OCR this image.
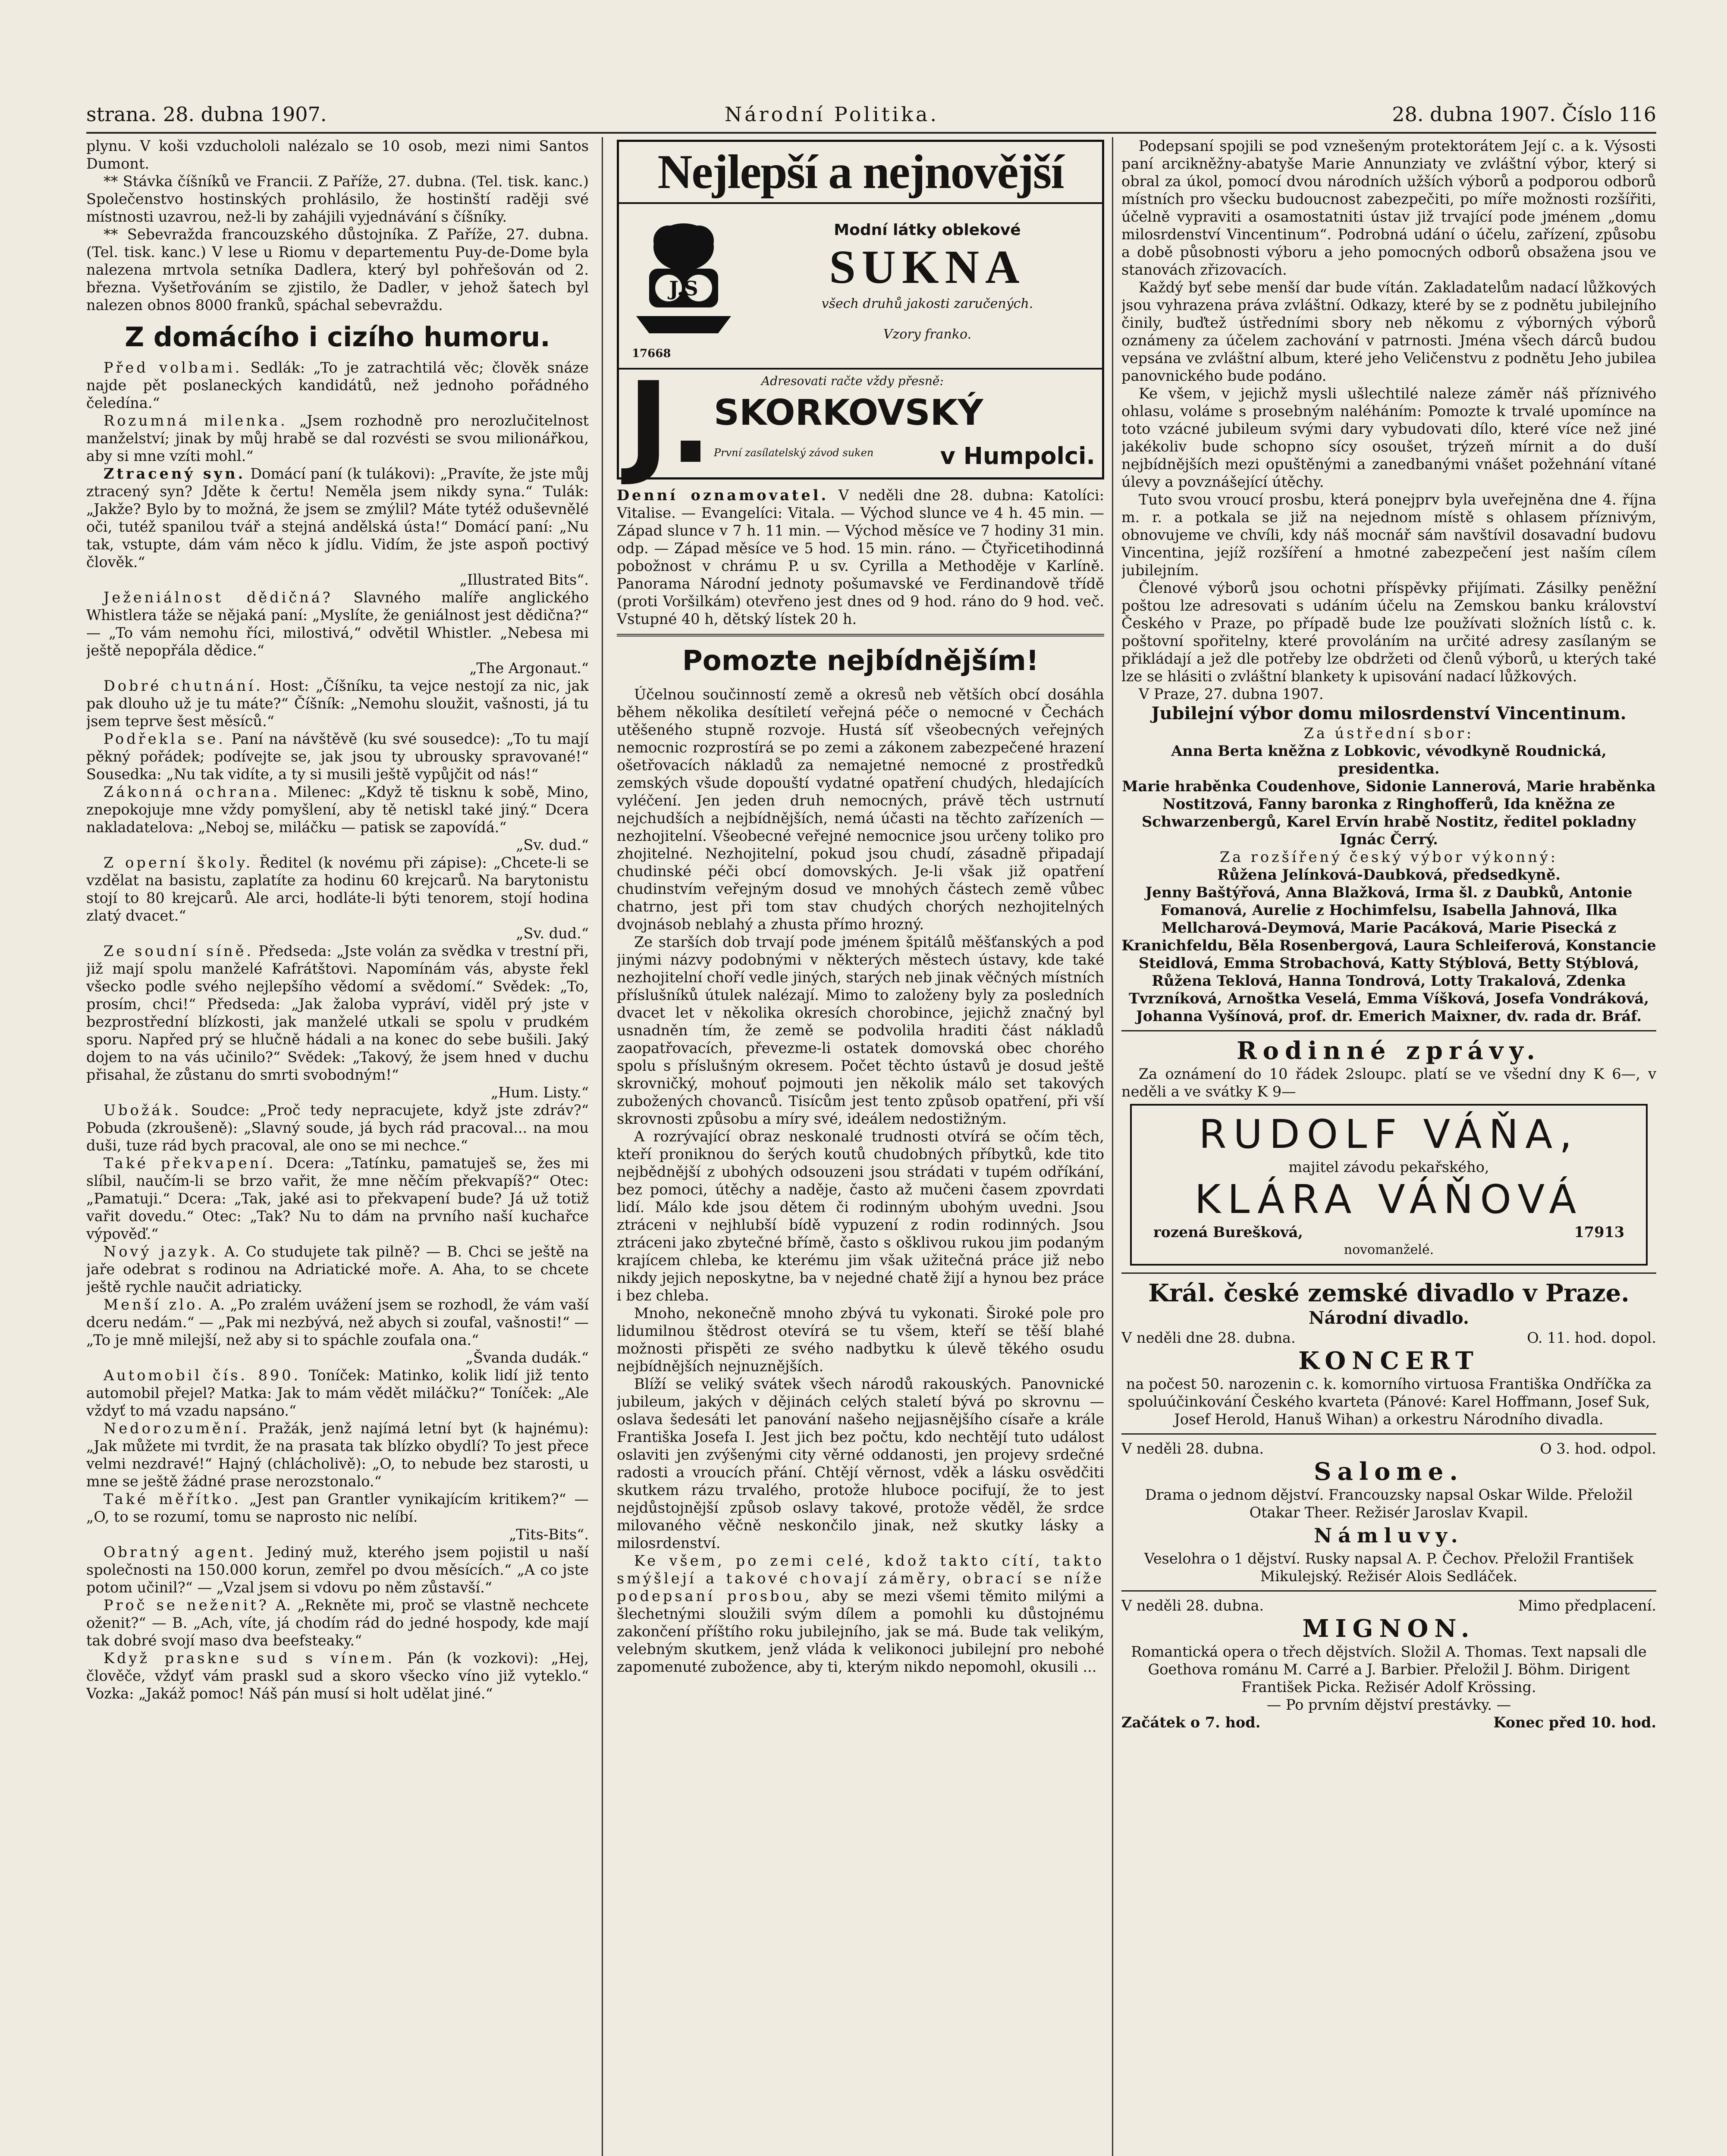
strana. 28. dubna 1907.	Národní Politika.	28. dubna 1907. Číslo 116

plynu. V koši vzduchololi nalézalo se 10 osob, mezi nimi Santos Dumont.

** Stávka číšníků ve Francii. Z Paříže, 27. dubna. (Tel. tisk. kanc.) Společenstvo hostinských prohlásilo, že hostinští raději své místnosti uzavrou, než-li by zahájili vyjednávání s číšníky.

** Sebevražda francouzského důstojníka. Z Paříže, 27. dubna. (Tel. tisk. kanc.) V lese u Riomu v departementu Puy-de-Dome byla nalezena mrtvola setníka Dadlera, který byl pohřešován od 2. března. Vyšetřováním se zjistilo, že Dadler, v jehož šatech byl nalezen obnos 8000 franků, spáchal sebevraždu.

Z domácího i cizího humoru.

Před volbami. Sedlák: „To je zatrachtilá věc; člověk snáze najde pět poslaneckých kandidátů, než jednoho pořádného čeledína.“

Rozumná milenka. „Jsem rozhodně pro nerozlučitelnost manželství; jinak by můj hrabě se dal rozvésti se svou milionářkou, aby si mne vzíti mohl.“

Ztracený syn. Domácí paní (k tulákovi): „Pravíte, že jste můj ztracený syn? Jděte k čertu! Neměla jsem nikdy syna.“ Tulák: „Jakže? Bylo by to možná, že jsem se zmýlil? Máte tytéž oduševnělé oči, tutéž spanilou tvář a stejná andělská ústa!“ Domácí paní: „Nu tak, vstupte, dám vám něco k jídlu. Vidím, že jste aspoň poctivý člověk.“

„Illustrated Bits“.

Ježeniálnost dědičná? Slavného malíře anglického Whistlera táže se nějaká paní: „Myslíte, že geniálnost jest dědična?“ — „To vám nemohu říci, milostivá,“ odvětil Whistler. „Nebesa mi ještě nepopřála dědice.“

„The Argonaut.“

Dobré chutnání. Host: „Číšníku, ta vejce nestojí za nic, jak pak dlouho už je tu máte?“ Číšník: „Nemohu sloužit, vašnosti, já tu jsem teprve šest měsíců.“

Podřekla se. Paní na návštěvě (ku své sousedce): „To tu mají pěkný pořádek; podívejte se, jak jsou ty ubrousky spravované!“ Sousedka: „Nu tak vidíte, a ty si musili ještě vypůjčit od nás!“

Zákonná ochrana. Milenec: „Když tě tisknu k sobě, Mino, znepokojuje mne vždy pomyšlení, aby tě netiskl také jiný.“ Dcera nakladatelova: „Neboj se, miláčku — patisk se zapovídá.“

„Sv. dud.“

Z operní školy. Ředitel (k novému při zápise): „Chcete-li se vzdělat na basistu, zaplatíte za hodinu 60 krejcarů. Na barytonistu stojí to 80 krejcarů. Ale arci, hodláte-li býti tenorem, stojí hodina zlatý dvacet.“

„Sv. dud.“

Ze soudní síně. Předseda: „Jste volán za svědka v trestní při, již mají spolu manželé Kafrátštovi. Napomínám vás, abyste řekl všecko podle svého nejlepšího vědomí a svědomí.“ Svědek: „To, prosím, chci!“ Předseda: „Jak žaloba vypráví, viděl prý jste v bezprostřední blízkosti, jak manželé utkali se spolu v prudkém sporu. Napřed prý se hlučně hádali a na konec do sebe bušili. Jaký dojem to na vás učinilo?“ Svědek: „Takový, že jsem hned v duchu přisahal, že zůstanu do smrti svobodným!“

„Hum. Listy.“

Ubožák. Soudce: „Proč tedy nepracujete, když jste zdráv?“ Pobuda (zkroušeně): „Slavný soude, já bych rád pracoval... na mou duši, tuze rád bych pracoval, ale ono se mi nechce.“

Také překvapení. Dcera: „Tatínku, pamatuješ se, žes mi slíbil, naučím-li se brzo vařit, že mne něčím překvapíš?“ Otec: „Pamatuji.“ Dcera: „Tak, jaké asi to překvapení bude? Já už totiž vařit dovedu.“ Otec: „Tak? Nu to dám na prvního naší kuchařce výpověď.“

Nový jazyk. A. Co studujete tak pilně? — B. Chci se ještě na jaře odebrat s rodinou na Adriatické moře. A. Aha, to se chcete ještě rychle naučit adriaticky.

Menší zlo. A. „Po zralém uvážení jsem se rozhodl, že vám vaší dceru nedám.“ — „Pak mi nezbývá, než abych si zoufal, vašnosti!“ — „To je mně milejší, než aby si to spáchle zoufala ona.“

„Švanda dudák.“

Automobil čís. 890. Toníček: Matinko, kolik lidí již tento automobil přejel? Matka: Jak to mám vědět miláčku?“ Toníček: „Ale vždyť to má vzadu napsáno.“

Nedorozumění. Pražák, jenž najímá letní byt (k hajnému): „Jak můžete mi tvrdit, že na prasata tak blízko obydlí? To jest přece velmi nezdravé!“ Hajný (chlácholivě): „O, to nebude bez starosti, u mne se ještě žádné prase nerozstonalo.“

Také měřítko. „Jest pan Grantler vynikajícím kritikem?“ — „O, to se rozumí, tomu se naprosto nic nelíbí.

„Tits-Bits“.

Obratný agent. Jediný muž, kterého jsem pojistil u naší společnosti na 150.000 korun, zemřel po dvou měsících.“ „A co jste potom učinil?“ — „Vzal jsem si vdovu po něm zůstavší.“

Proč se neženit? A. „Rekněte mi, proč se vlastně nechcete oženit?“ — B. „Ach, víte, já chodím rád do jedné hospody, kde mají tak dobré svojí maso dva beefsteaky.“

Když praskne sud s vínem. Pán (k vozkovi): „Hej, člověče, vždyť vám praskl sud a skoro všecko víno již vyteklo.“ Vozka: „Jakáž pomoc! Náš pán musí si holt udělat jiné.“

Nejlepší a nejnovější
J.S
Modní látky oblekové
SUKNA
všech druhů jakosti zaručených.
Vzory franko.
17668
J.	Adresovati račte vždy přesně:
SKORKOVSKÝ
První zasílatelský závod suken	v Humpolci.

Denní oznamovatel. V neděli dne 28. dubna: Katolíci: Vitalise. — Evangelíci: Vitala. — Východ slunce ve 4 h. 45 min. — Západ slunce v 7 h. 11 min. — Východ měsíce ve 7 hodiny 31 min. odp. — Západ měsíce ve 5 hod. 15 min. ráno. — Čtyřicetihodinná pobožnost v chrámu P. u sv. Cyrilla a Methoděje v Karlíně. Panorama Národní jednoty pošumavské ve Ferdinandově třídě (proti Voršilkám) otevřeno jest dnes od 9 hod. ráno do 9 hod. več. Vstupné 40 h, dětský lístek 20 h.

Pomozte nejbídnějším!

Účelnou součinností země a okresů neb větších obcí dosáhla během několika desítiletí veřejná péče o nemocné v Čechách utěšeného stupně rozvoje. Hustá síť všeobecných veřejných nemocnic rozprostírá se po zemi a zákonem zabezpečené hrazení ošetřovacích nákladů za nemajetné nemocné z prostředků zemských všude dopouští vydatné opatření chudých, hledajících vyléčení. Jen jeden druh nemocných, právě těch ustrnutí nejchudších a nejbídnějších, nemá účasti na těchto zařízeních — nezhojitelní. Všeobecné veřejné nemocnice jsou určeny toliko pro zhojitelné. Nezhojitelní, pokud jsou chudí, zásadně připadají chudinské péči obcí domovských. Je-li však již opatření chudinstvím veřejným dosud ve mnohých částech země vůbec chatrno, jest při tom stav chudých chorých nezhojitelných dvojnásob neblahý a zhusta přímo hrozný.

Ze starších dob trvají pode jménem špitálů měšťanských a pod jinými názvy podobnými v některých městech ústavy, kde také nezhojitelní choří vedle jiných, starých neb jinak věčných místních příslušníků útulek nalézají. Mimo to založeny byly za posledních dvacet let v několika okresích chorobince, jejichž značný byl usnadněn tím, že země se podvolila hraditi část nákladů zaopatřovacích, převezme-li ostatek domovská obec chorého spolu s příslušným okresem. Počet těchto ústavů je dosud ještě skrovničký, mohouť pojmouti jen několik málo set takových zubožených chovanců. Tisícům jest tento způsob opatření, při vší skrovnosti způsobu a míry své, ideálem nedostižným.

A rozrývající obraz neskonalé trudnosti otvírá se očím těch, kteří proniknou do šerých koutů chudobných příbytků, kde tito nejbědnější z ubohých odsouzeni jsou strádati v tupém odříkání, bez pomoci, útěchy a naděje, často až mučeni časem zpovrdati lidí. Málo kde jsou dětem či rodinným ubohým uvedni. Jsou ztráceni v nejhlubší bídě vypuzení z rodin rodinných. Jsou ztráceni jako zbytečné břímě, často s ošklivou rukou jim podaným krajícem chleba, ke kterému jim však užitečná práce již nebo nikdy jejich neposkytne, ba v nejedné chatě žijí a hynou bez práce i bez chleba.

Mnoho, nekonečně mnoho zbývá tu vykonati. Široké pole pro lidumilnou štědrost otevírá se tu všem, kteří se těší blahé možnosti přispěti ze svého nadbytku k úlevě těkého osudu nejbídnějších nejnuznějších.

Blíží se veliký svátek všech národů rakouských. Panovnické jubileum, jakých v dějinách celých staletí bývá po skrovnu — oslava šedesáti let panování našeho nejjasnějšího císaře a krále Františka Josefa I. Jest jich bez počtu, kdo nechtějí tuto událost oslaviti jen zvýšenými city věrné oddanosti, jen projevy srdečné radosti a vroucích přání. Chtějí věrnost, vděk a lásku osvědčiti skutkem rázu trvalého, protože hluboce pocifují, že to jest nejdůstojnější způsob oslavy takové, protože věděl, že srdce milovaného věčně neskončilo jinak, než skutky lásky a milosrdenství.

Ke všem, po zemi celé, kdož takto cítí, takto smýšlejí a takové chovají záměry, obrací se níže podepsaní prosbou, aby se mezi všemi těmito milými a šlechetnými sloužili svým dílem a pomohli ku důstojnému zakončení příštího roku jubilejního, jak se má. Bude tak velikým, velebným skutkem, jenž vláda k velikonoci jubilejní pro nebohé zapomenuté zubožence, aby ti, kterým nikdo nepomohl, okusili ...

Podepsaní spojili se pod vznešeným protektorátem Její c. a k. Výsosti paní arcikněžny-abatyše Marie Annunziaty ve zvláštní výbor, který si obral za úkol, pomocí dvou národních užších výborů a podporou odborů místních pro všecku budoucnost zabezpečiti, po míře možnosti rozšířiti, účelně vypraviti a osamostatniti ústav již trvající pode jménem „domu milosrdenství Vincentinum“. Podrobná udání o účelu, zařízení, způsobu a době působnosti výboru a jeho pomocných odborů obsažena jsou ve stanovách zřizovacích.

Každý byť sebe menší dar bude vítán. Zakladatelům nadací lůžkových jsou vyhrazena práva zvláštní. Odkazy, které by se z podnětu jubilejního činily, buďtež ústředními sbory neb někomu z výborných výborů oznámeny za účelem zachování v patrnosti. Jména všech dárců budou vepsána ve zvláštní album, které jeho Veličenstvu z podnětu Jeho jubilea panovnického bude podáno.

Ke všem, v jejichž mysli ušlechtilé naleze záměr náš příznivého ohlasu, voláme s prosebným naléháním: Pomozte k trvalé upomínce na toto vzácné jubileum svými dary vybudovati dílo, které více než jiné jakékoliv bude schopno sícy osoušet, trýzeň mírnit a do duší nejbídnějších mezi opuštěnými a zanedbanými vnášet požehnání vítané úlevy a povznášející útěchy.

Tuto svou vroucí prosbu, která ponejprv byla uveřejněna dne 4. října m. r. a potkala se již na nejednom místě s ohlasem příznivým, obnovujeme ve chvíli, kdy náš mocnář sám navštívil dosavadní budovu Vincentina, jejíž rozšíření a hmotné zabezpečení jest naším cílem jubilejním.

Členové výborů jsou ochotni příspěvky přijímati. Zásilky peněžní poštou lze adresovati s udáním účelu na Zemskou banku království Českého v Praze, po případě bude lze používati složních lístů c. k. poštovní spořitelny, které provoláním na určité adresy zasílaným se přikládají a jež dle potřeby lze obdržeti od členů výborů, u kterých také lze se hlásiti o zvláštní blankety k upisování nadací lůžkových.

V Praze, 27. dubna 1907.

Jubilejní výbor domu milosrdenství Vincentinum.

Za ústřední sbor:

Anna Berta kněžna z Lobkovic, vévodkyně Roudnická, presidentka.

Marie hraběnka Coudenhove, Sidonie Lannerová, Marie hraběnka Nostitzová, Fanny baronka z Ringhofferů, Ida kněžna ze Schwarzenbergů, Karel Ervín hrabě Nostitz, ředitel pokladny Ignác Čerrý.

Za rozšířený český výbor výkonný:

Růžena Jelínková-Daubková, předsedkyně.

Jenny Baštýřová, Anna Blažková, Irma šl. z Daubků, Antonie Fomanová, Aurelie z Hochimfelsu, Isabella Jahnová, Ilka Mellcharová-Deymová, Marie Pacáková, Marie Pisecká z Kranichfeldu, Běla Rosenbergová, Laura Schleiferová, Konstancie Steidlová, Emma Strobachová, Katty Stýblová, Betty Stýblová, Růžena Teklová, Hanna Tondrová, Lotty Trakalová, Zdenka Tvrzníková, Arnoštka Veselá, Emma Víšková, Josefa Vondráková, Johanna Vyšínová, prof. dr. Emerich Maixner, dv. rada dr. Bráf.

Rodinné zprávy.

Za oznámení do 10 řádek 2sloupc. platí se ve všední dny K 6—, v neděli a ve svátky K 9—

RUDOLF VÁŇA,
majitel závodu pekařského,
KLÁRA VÁŇOVÁ
rozená Burešková,	17913
novomanželé.
Král. české zemské divadlo v Praze.
Národní divadlo.
V neděli dne 28. dubna.	O. 11. hod. dopol.
KONCERT

na počest 50. narozenin c. k. komorního virtuosa Františka Ondříčka za spoluúčinkování Českého kvarteta (Pánové: Karel Hoffmann, Josef Suk, Josef Herold, Hanuš Wihan) a orkestru Národního divadla.

V neděli 28. dubna.	O 3. hod. odpol.
Salome.

Drama o jednom dějství. Francouzsky napsal Oskar Wilde. Přeložil Otakar Theer. Režisér Jaroslav Kvapil.

Námluvy.

Veselohra o 1 dějství. Rusky napsal A. P. Čechov. Přeložil František Mikulejský. Režisér Alois Sedláček.

V neděli 28. dubna.	Mimo předplacení.
MIGNON.

Romantická opera o třech dějstvích. Složil A. Thomas. Text napsali dle Goethova románu M. Carré a J. Barbier. Přeložil J. Böhm. Dirigent František Picka. Režisér Adolf Krössing.

— Po prvním dějství prestávky. —

Začátek o 7. hod.	Konec před 10. hod.
